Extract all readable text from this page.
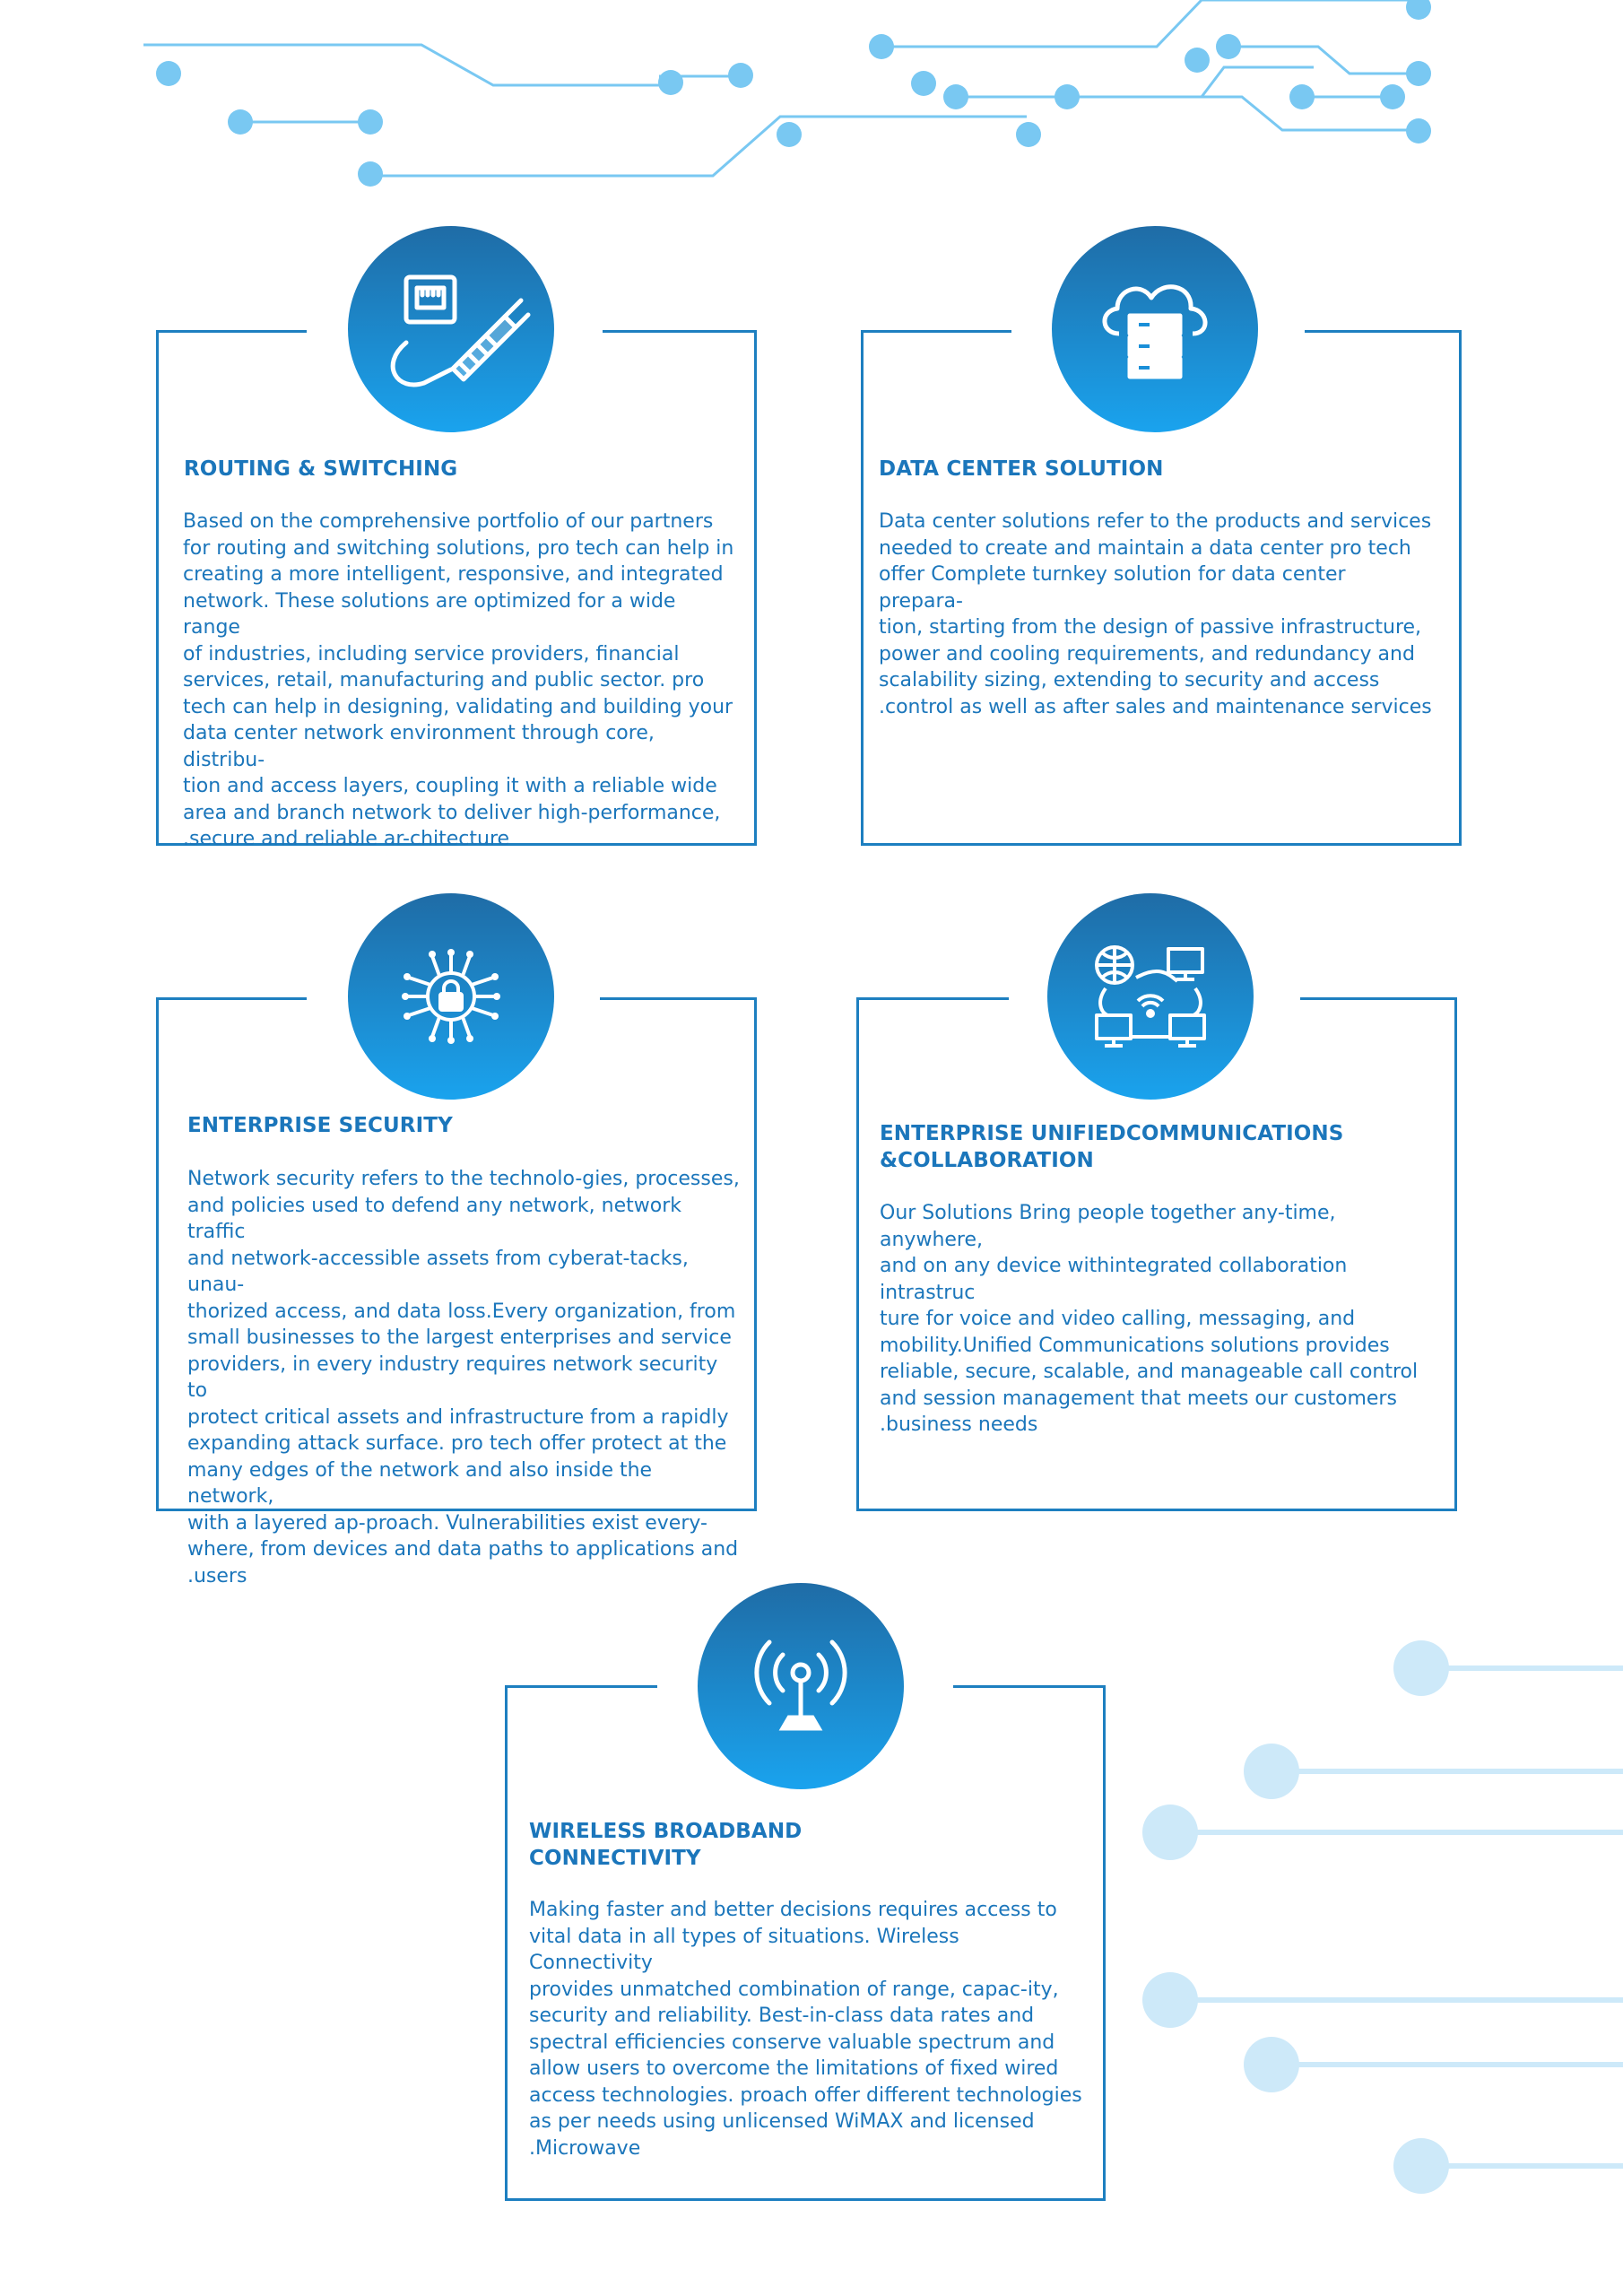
ROUTING & SWITCHING
Based on the comprehensive portfolio of our partners
for routing and switching solutions, pro tech can help in
creating a more intelligent, responsive, and integrated
network. These solutions are optimized for a wide range
of industries, including service providers, financial
services, retail, manufacturing and public sector. pro
tech can help in designing, validating and building your
data center network environment through core, distribu-
tion and access layers, coupling it with a reliable wide
area and branch network to deliver high-performance,
.secure and reliable ar-chitecture
DATA CENTER SOLUTION
Data center solutions refer to the products and services
needed to create and maintain a data center pro tech
offer Complete turnkey solution for data center prepara-
tion, starting from the design of passive infrastructure,
power and cooling requirements, and redundancy and
scalability sizing, extending to security and access
.control as well as after sales and maintenance services
ENTERPRISE SECURITY
Network security refers to the technolo-gies, processes,
and policies used to defend any network, network traffic
and network-accessible assets from cyberat-tacks, unau-
thorized access, and data loss.Every organization, from
small businesses to the largest enterprises and service
providers, in every industry requires network security to
protect critical assets and infrastructure from a rapidly
expanding attack surface. pro tech offer protect at the
many edges of the network and also inside the network,
with a layered ap-proach. Vulnerabilities exist every-
where, from devices and data paths to applications and
.users
ENTERPRISE UNIFIEDCOMMUNICATIONS
&COLLABORATION
Our Solutions Bring people together any-time, anywhere,
and on any device withintegrated collaboration intrastruc
ture for voice and video calling, messaging, and
mobility.Unified Communications solutions provides
reliable, secure, scalable, and manageable call control
and session management that meets our customers
.business needs
WIRELESS BROADBAND
CONNECTIVITY
Making faster and better decisions requires access to
vital data in all types of situations. Wireless Connectivity
provides unmatched combination of range, capac-ity,
security and reliability. Best-in-class data rates and
spectral efficiencies conserve valuable spectrum and
allow users to overcome the limitations of fixed wired
access technologies. proach offer different technologies
as per needs using unlicensed WiMAX and licensed
.Microwave
